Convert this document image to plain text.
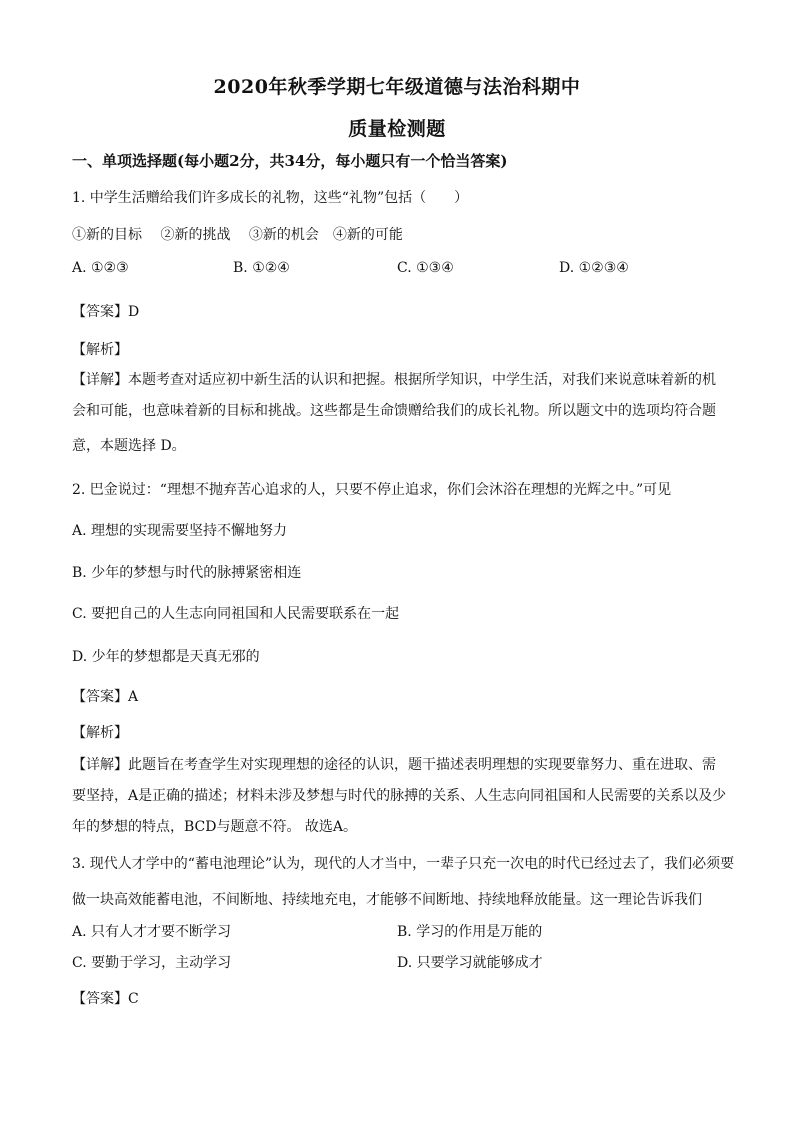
2020年秋季学期七年级道德与法治科期中
质量检测题
一、单项选择题(每小题2分，共34分，每小题只有一个恰当答案)
1. 中学生活赠给我们许多成长的礼物，这些“礼物”包括（　　）
①新的目标　 ②新的挑战　 ③新的机会　④新的可能
A. ①②③	B. ①②④	C. ①③④	D. ①②③④
【答案】D
【解析】
【详解】本题考查对适应初中新生活的认识和把握。根据所学知识，中学生活，对我们来说意味着新的机
会和可能，也意味着新的目标和挑战。这些都是生命馈赠给我们的成长礼物。所以题文中的选项均符合题
意，本题选择 D。
2. 巴金说过：“理想不抛弃苦心追求的人，只要不停止追求，你们会沐浴在理想的光辉之中。”可见
A. 理想的实现需要坚持不懈地努力
B. 少年的梦想与时代的脉搏紧密相连
C. 要把自己的人生志向同祖国和人民需要联系在一起
D. 少年的梦想都是天真无邪的
【答案】A
【解析】
【详解】此题旨在考查学生对实现理想的途径的认识，题干描述表明理想的实现要靠努力、重在进取、需
要坚持，A是正确的描述；材料未涉及梦想与时代的脉搏的关系、人生志向同祖国和人民需要的关系以及少
年的梦想的特点，BCD与题意不符。 故选A。
3. 现代人才学中的“蓄电池理论”认为，现代的人才当中，一辈子只充一次电的时代已经过去了，我们必须要
做一块高效能蓄电池，不间断地、持续地充电，才能够不间断地、持续地释放能量。这一理论告诉我们
A. 只有人才才要不断学习	B. 学习的作用是万能的
C. 要勤于学习，主动学习	D. 只要学习就能够成才
【答案】C
